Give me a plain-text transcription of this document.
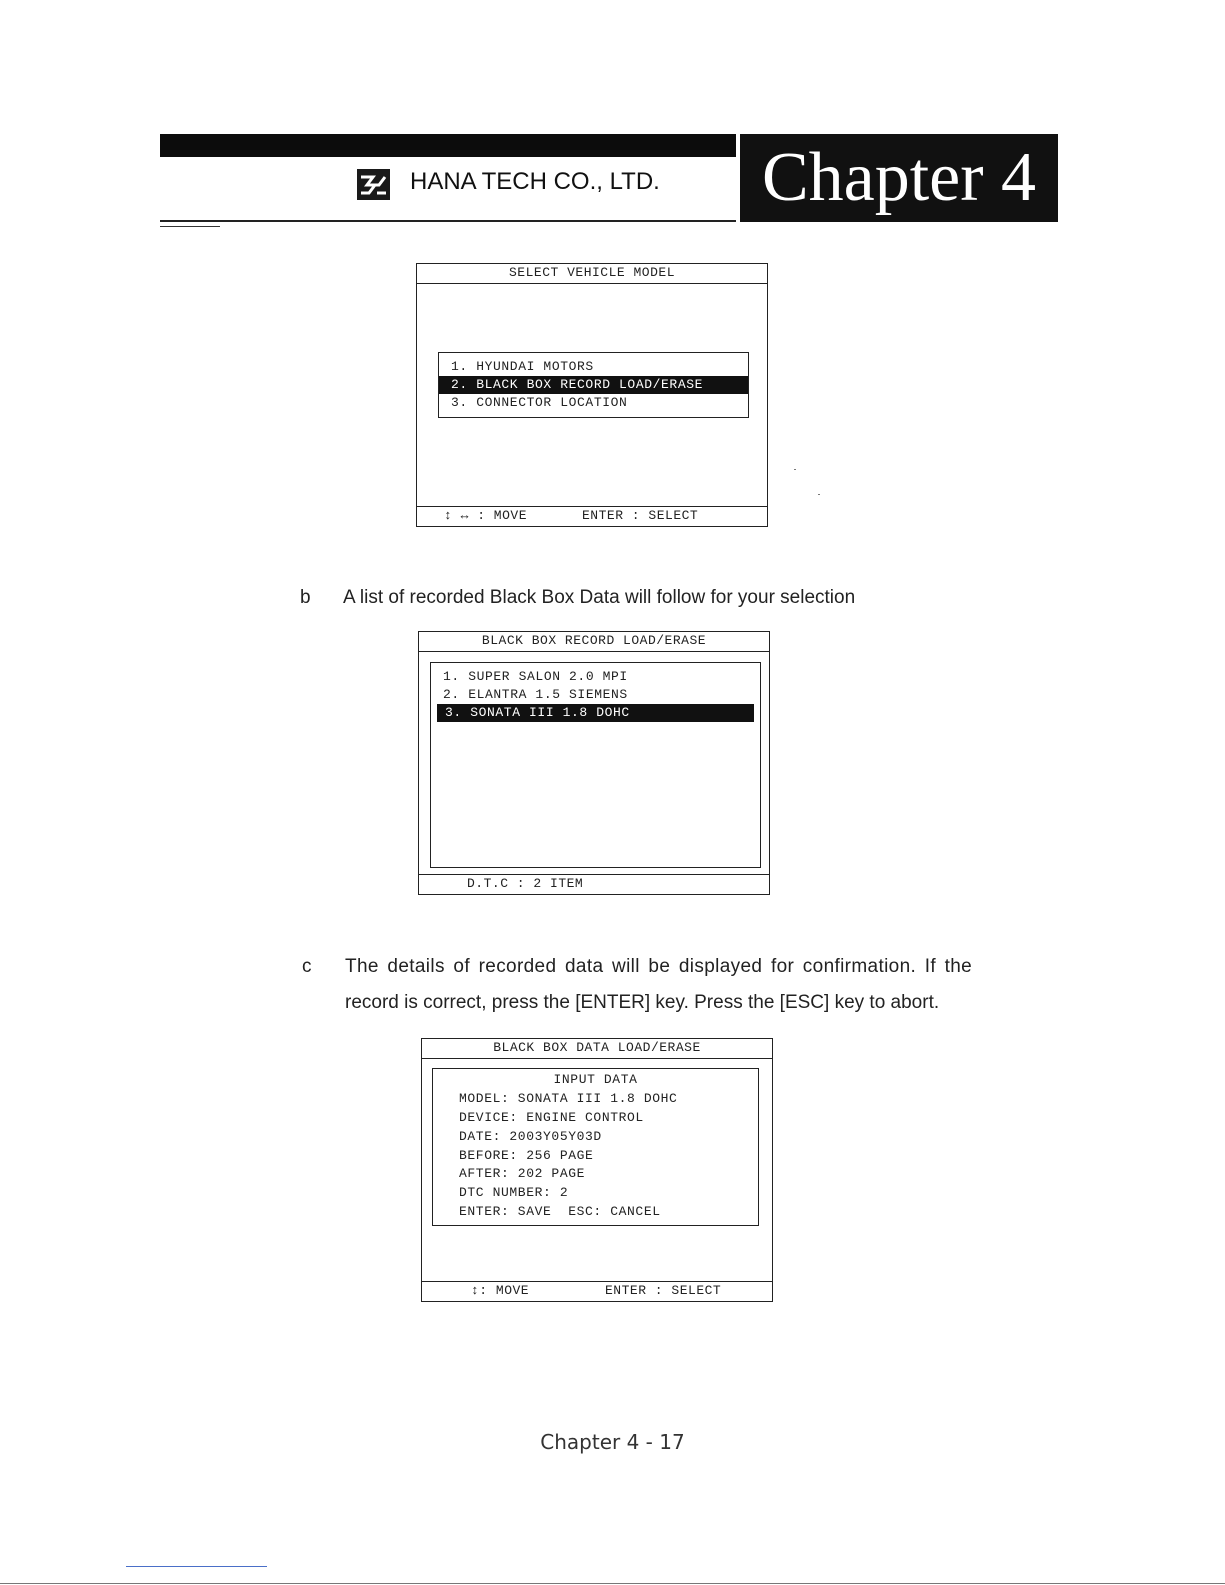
HANA TECH CO., LTD.	Chapter 4
SELECT VEHICLE MODEL
1. HYUNDAI MOTORS
2. BLACK BOX RECORD LOAD/ERASE
3. CONNECTOR LOCATION
↕ ↔ : MOVE	ENTER : SELECT
b A list of recorded Black Box Data will follow for your selection
BLACK BOX RECORD LOAD/ERASE
1. SUPER SALON 2.0 MPI
2. ELANTRA 1.5 SIEMENS
3. SONATA III 1.8 DOHC
D.T.C : 2 ITEM
c The details of recorded data will be displayed for confirmation. If the
record is correct, press the [ENTER] key. Press the [ESC] key to abort.
BLACK BOX DATA LOAD/ERASE
INPUT DATA
MODEL: SONATA III 1.8 DOHC
DEVICE: ENGINE CONTROL
DATE: 2003Y05Y03D
BEFORE: 256 PAGE
AFTER: 202 PAGE
DTC NUMBER: 2
ENTER: SAVE  ESC: CANCEL
↕: MOVE	ENTER : SELECT
Chapter 4 - 17
